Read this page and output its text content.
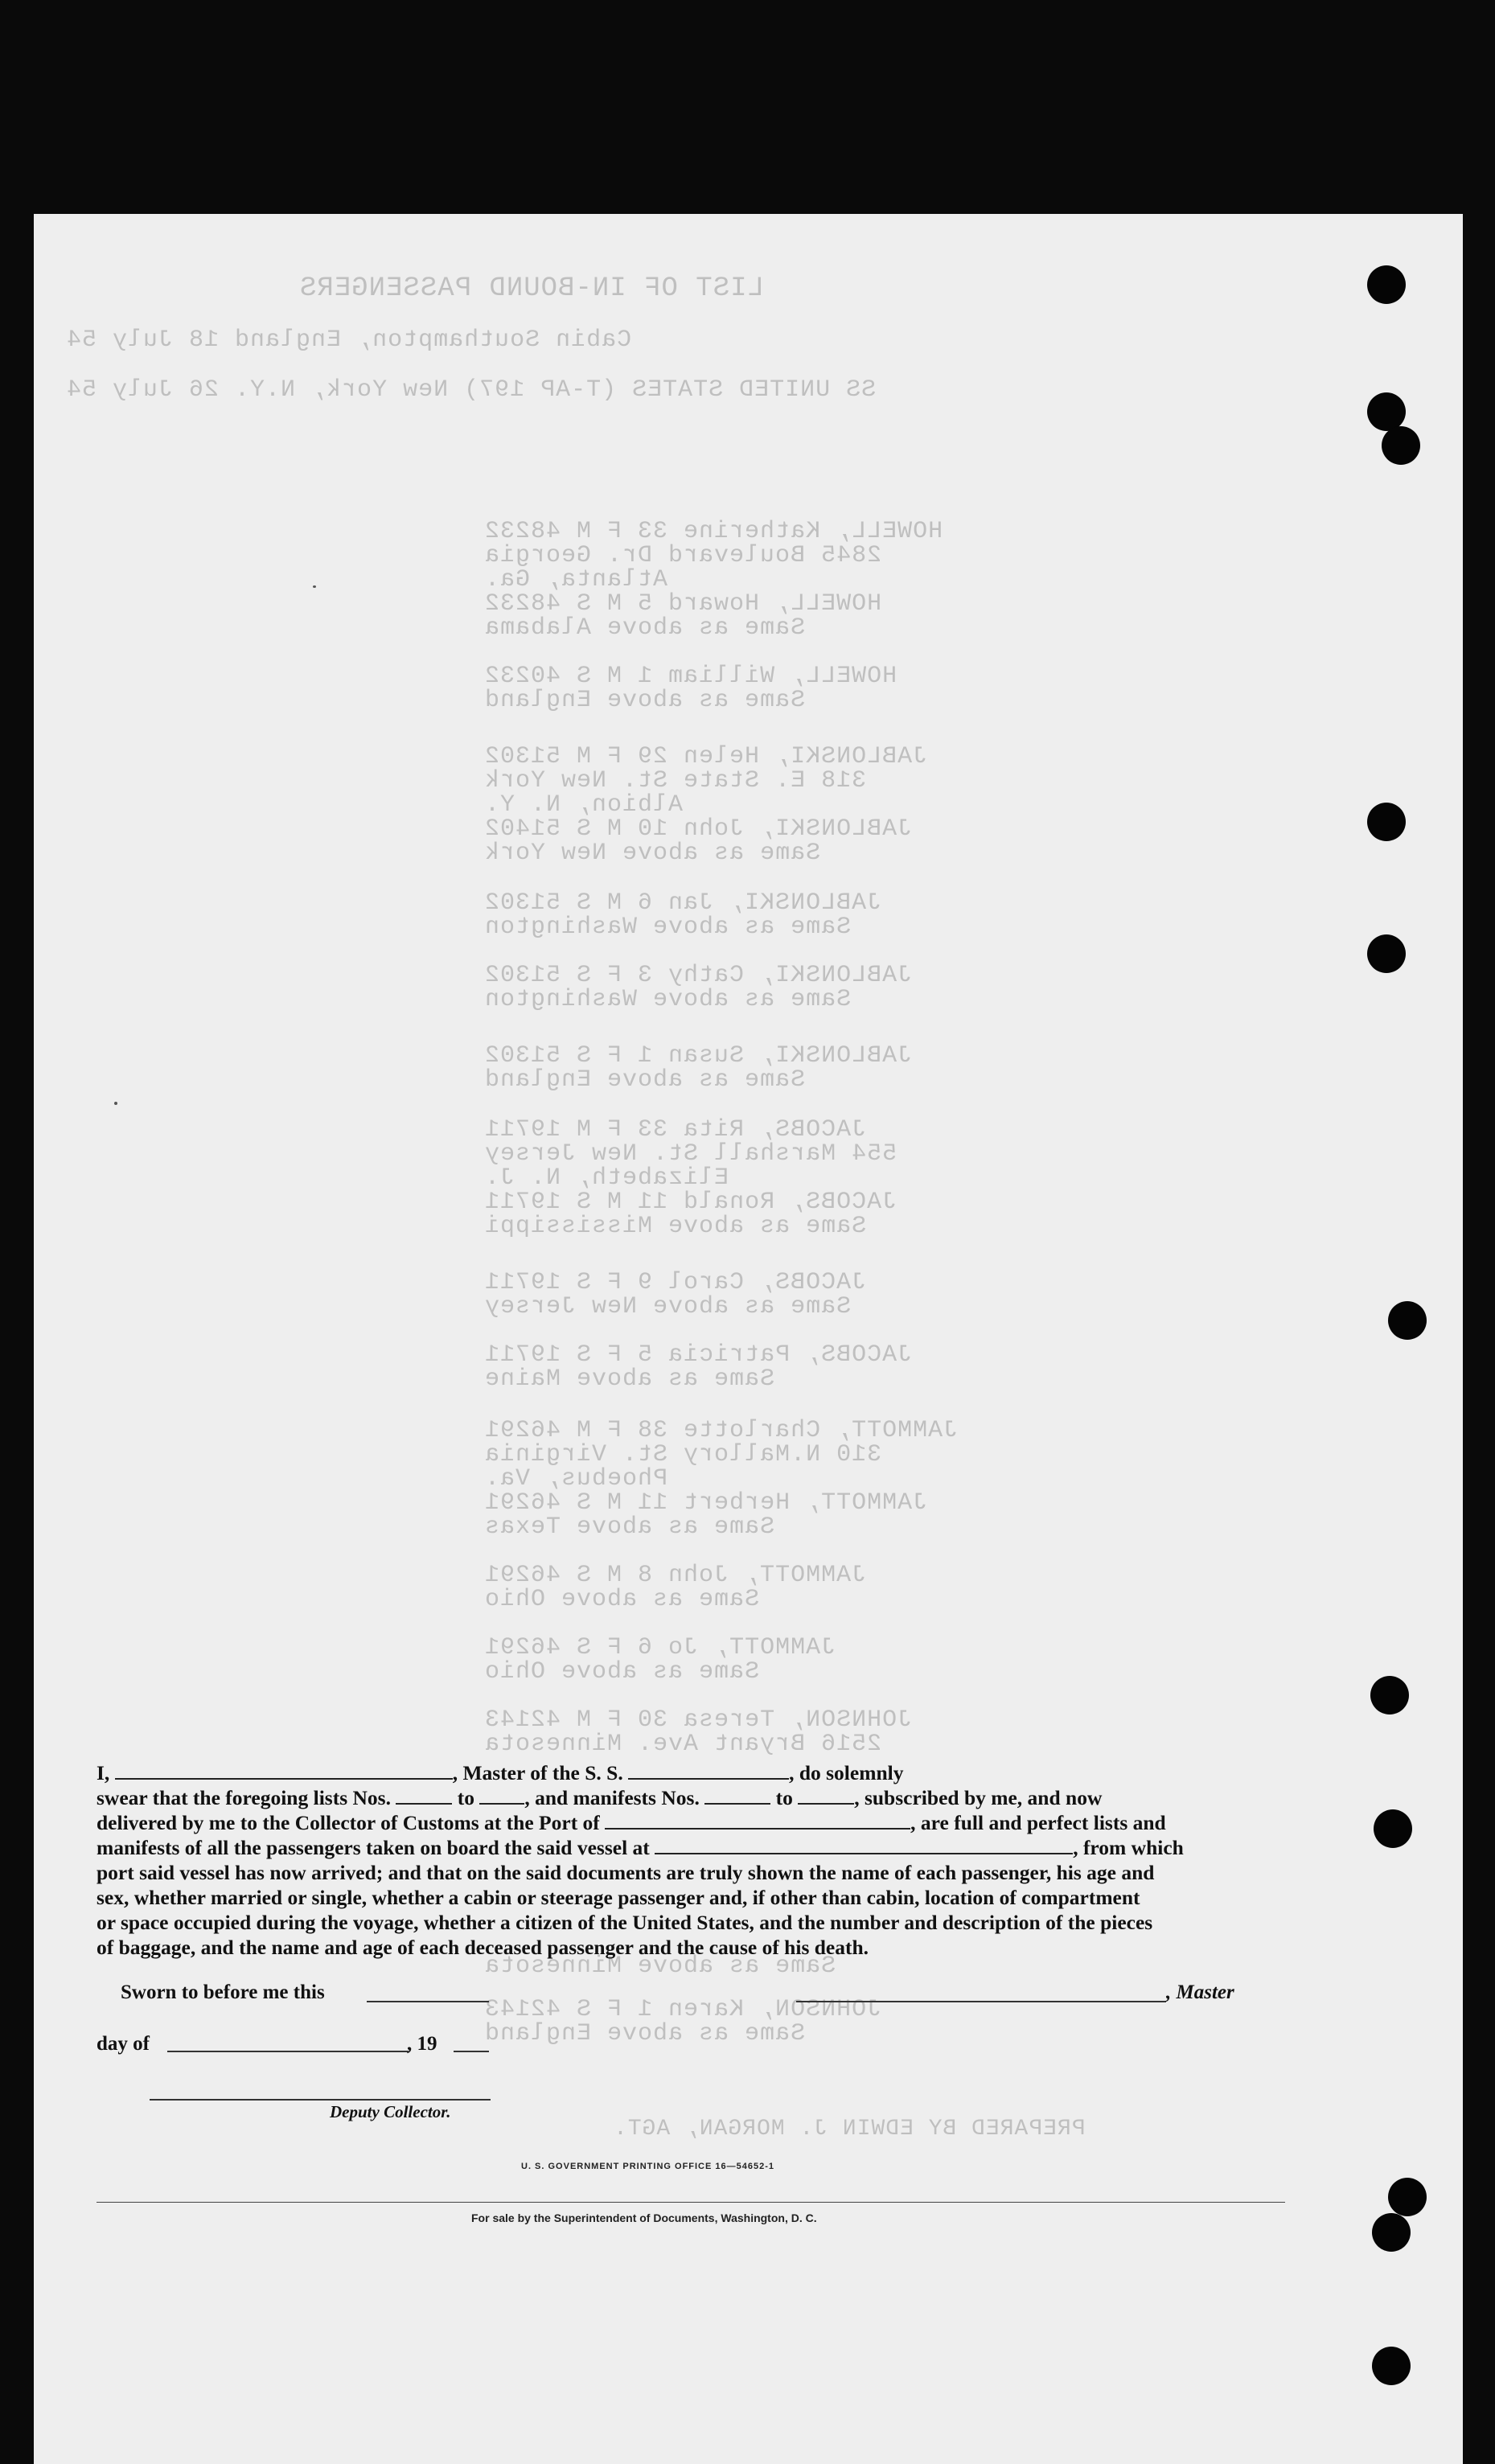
LIST OF IN-BOUND PASSENGERS
Cabin Southampton, England 18 July 54
SS UNITED STATES (T-AP 197) New York, N.Y. 26 July 54
HOWELL, Katherine 33 F M 48232
2845 Boulevard Dr. Georgia
Atlanta, Ga.
HOWELL, Howard 5 M S 48232
Same as above Alabama
HOWELL, William 1 M S 40232
Same as above England
JABLONSKI, Helen 29 F M 51302
318 E. State St. New York
Albion, N. Y.
JABLONSKI, John 10 M S 51402
Same as above New York
JABLONSKI, Jan 6 M S 51302
Same as above Washington
JABLONSKI, Cathy 3 F S 51302
Same as above Washington
JABLONSKI, Susan 1 F S 51302
Same as above England
JACOBS, Rita 33 F M 19711
554 Marshall St. New Jersey
Elizabeth, N. J.
JACOBS, Ronald 11 M S 19711
Same as above Mississippi
JACOBS, Carol 9 F S 19711
Same as above New Jersey
JACOBS, Patricia 5 F S 19711
Same as above Maine
JAMMOTT, Charlotte 38 F M 46291
310 N.Mallory St. Virginia
Phoebus, Va.
JAMMOTT, Herbert 11 M S 46291
Same as above Texas
JAMMOTT, John 8 M S 46291
Same as above Ohio
JAMMOTT, Jo 6 F S 46291
Same as above Ohio
JOHNSON, Teresa 30 F M 42143
2516 Bryant Ave. Minnesota
Same as above Minnesota
JOHNSON, Karen 1 F S 42143
Same as above England
PREPARED BY EDWIN J. MORGAN, AGT.

I,	, Master of the S. S.	, do solemnly

swear that the foregoing lists Nos.	to , and manifests Nos.	to	, subscribed by me, and now

delivered by me to the Collector of Customs at the Port of	, are full and perfect lists and

manifests of all the passengers taken on board the said vessel at	, from which

port said vessel has now arrived; and that on the said documents are truly shown the name of each passenger, his age and

sex, whether married or single, whether a cabin or steerage passenger and, if other than cabin, location of compartment

or space occupied during the voyage, whether a citizen of the United States, and the number and description of the pieces

of baggage, and the name and age of each deceased passenger and the cause of his death.

Sworn to before me this	, Master
day of	, 19
Deputy Collector.
U. S. GOVERNMENT PRINTING OFFICE 16—54652-1
For sale by the Superintendent of Documents, Washington, D. C.
